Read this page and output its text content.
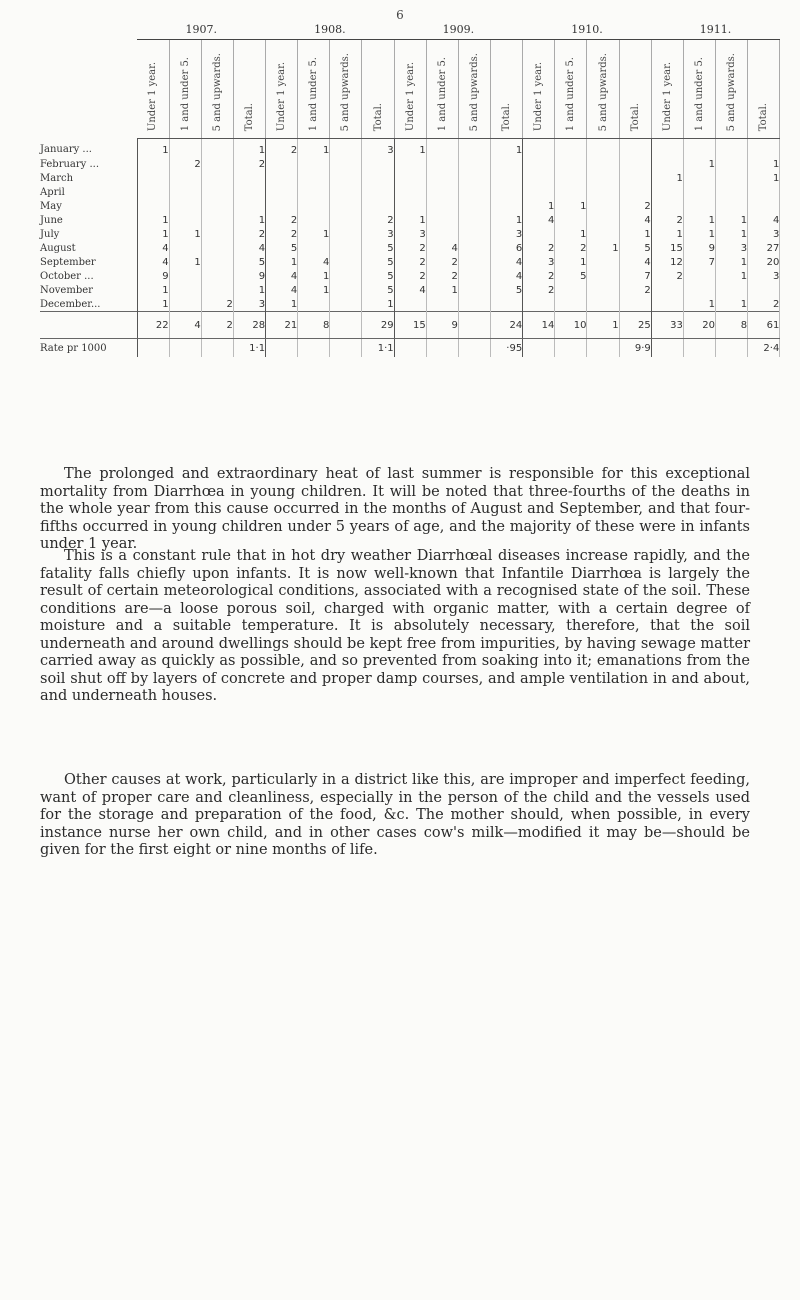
6
	1907.				1908.				1909.				1910.				1911.			
	Under 1 year.	1 and under 5.	5 and upwards.	Total.	Under 1 year.	1 and under 5.	5 and upwards.	Total.	Under 1 year.	1 and under 5.	5 and upwards.	Total.	Under 1 year.	1 and under 5.	5 and upwards.	Total.	Under 1 year.	1 and under 5.	5 and upwards.	Total.
January ...	1			1	2	1		3	1			1								
February ...		2		2														1		1
March																	1			1
April																				
May													1	1		2				
June	1			1	2			2	1			1	4			4	2	1	1	4
July	1	1		2	2	1		3	3			3		1		1	1	1	1	3
August	4			4	5			5	2	4		6	2	2	1	5	15	9	3	27
September	4	1		5	1	4		5	2	2		4	3	1		4	12	7	1	20
October ...	9			9	4	1		5	2	2		4	2	5		7	2		1	3
November	1			1	4	1		5	4	1		5	2			2				
December...	1		2	3	1			1										1	1	2
	22	4	2	28	21	8		29	15	9		24	14	10	1	25	33	20	8	61
Rate pr 1000				1·1				1·1				·95				9·9				2·4

The prolonged and extraordinary heat of last summer is responsible for this exceptional mortality from Diarrhœa in young children. It will be noted that three-fourths of the deaths in the whole year from this cause occurred in the months of August and September, and that four-fifths occurred in young children under 5 years of age, and the majority of these were in infants under 1 year.

This is a constant rule that in hot dry weather Diarrhœal diseases increase rapidly, and the fatality falls chiefly upon infants. It is now well-known that Infantile Diarrhœa is largely the result of certain meteorological conditions, associated with a recognised state of the soil. These conditions are—a loose porous soil, charged with organic matter, with a certain degree of moisture and a suitable temperature. It is absolutely necessary, therefore, that the soil underneath and around dwellings should be kept free from impurities, by having sewage matter carried away as quickly as possible, and so prevented from soaking into it; emanations from the soil shut off by layers of concrete and proper damp courses, and ample ventilation in and about, and underneath houses.

Other causes at work, particularly in a district like this, are improper and imperfect feeding, want of proper care and cleanliness, especially in the person of the child and the vessels used for the storage and preparation of the food, &c. The mother should, when possible, in every instance nurse her own child, and in other cases cow's milk—modified it may be—should be given for the first eight or nine months of life.
